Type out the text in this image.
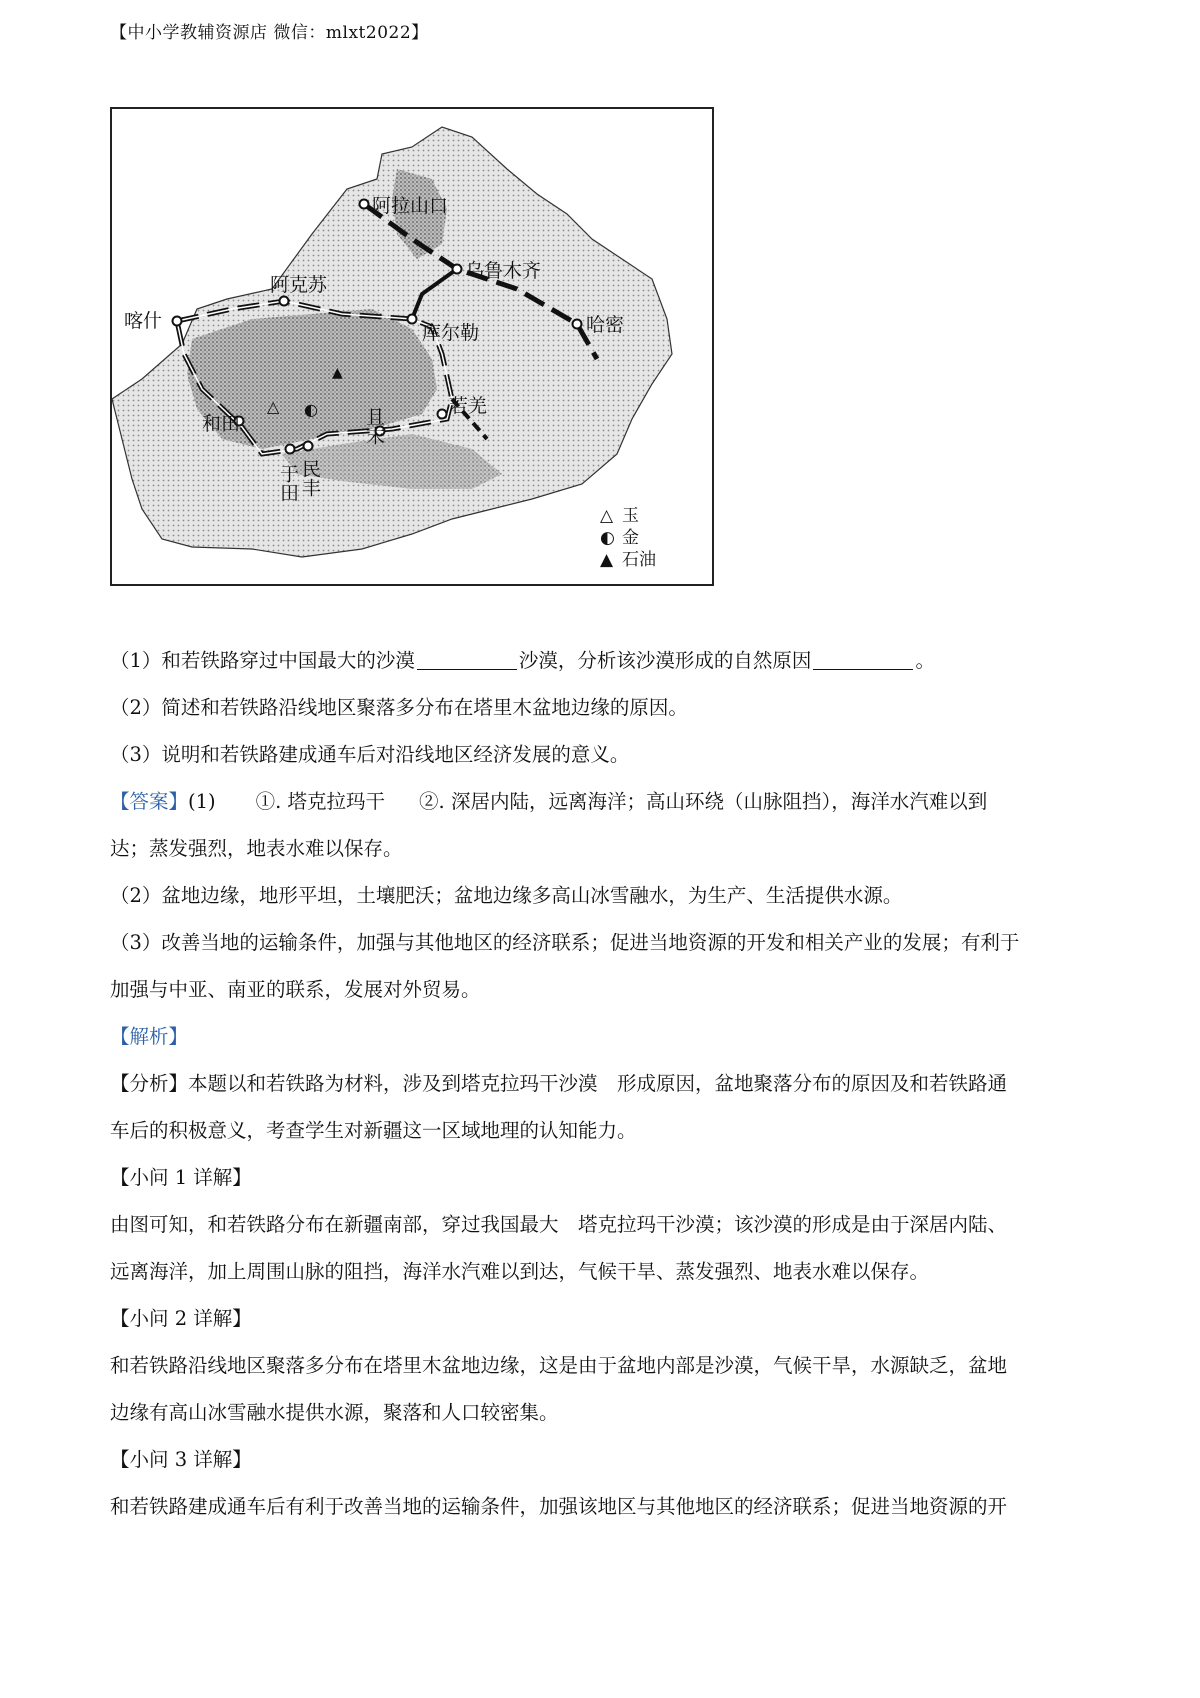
【中小学教辅资源店 微信：mlxt2022】
△ ◐
▲
阿拉山口
乌鲁木齐
阿克苏
喀什
库尔勒	哈密
和田	且末
若羌
于田 民丰
△ 玉
◐ 金
▲ 石油
（1）和若铁路穿过中国最大的沙漠	沙漠，分析该沙漠形成的自然原因	。
（2）简述和若铁路沿线地区聚落多分布在塔里木盆地边缘的原因。
（3）说明和若铁路建成通车后对沿线地区经济发展的意义。
【答案】(1) ①. 塔克拉玛干 ②. 深居内陆，远离海洋；高山环绕（山脉阻挡），海洋水汽难以到
达；蒸发强烈，地表水难以保存。
（2）盆地边缘，地形平坦，土壤肥沃；盆地边缘多高山冰雪融水，为生产、生活提供水源。
（3）改善当地的运输条件，加强与其他地区的经济联系；促进当地资源的开发和相关产业的发展；有利于
加强与中亚、南亚的联系，发展对外贸易。
【解析】
【分析】本题以和若铁路为材料，涉及到塔克拉玛干沙漠　形成原因，盆地聚落分布的原因及和若铁路通
车后的积极意义，考查学生对新疆这一区域地理的认知能力。
【小问 1 详解】
由图可知，和若铁路分布在新疆南部，穿过我国最大　塔克拉玛干沙漠；该沙漠的形成是由于深居内陆、
远离海洋，加上周围山脉的阻挡，海洋水汽难以到达，气候干旱、蒸发强烈、地表水难以保存。
【小问 2 详解】
和若铁路沿线地区聚落多分布在塔里木盆地边缘，这是由于盆地内部是沙漠，气候干旱，水源缺乏，盆地
边缘有高山冰雪融水提供水源，聚落和人口较密集。
【小问 3 详解】
和若铁路建成通车后有利于改善当地的运输条件，加强该地区与其他地区的经济联系；促进当地资源的开
